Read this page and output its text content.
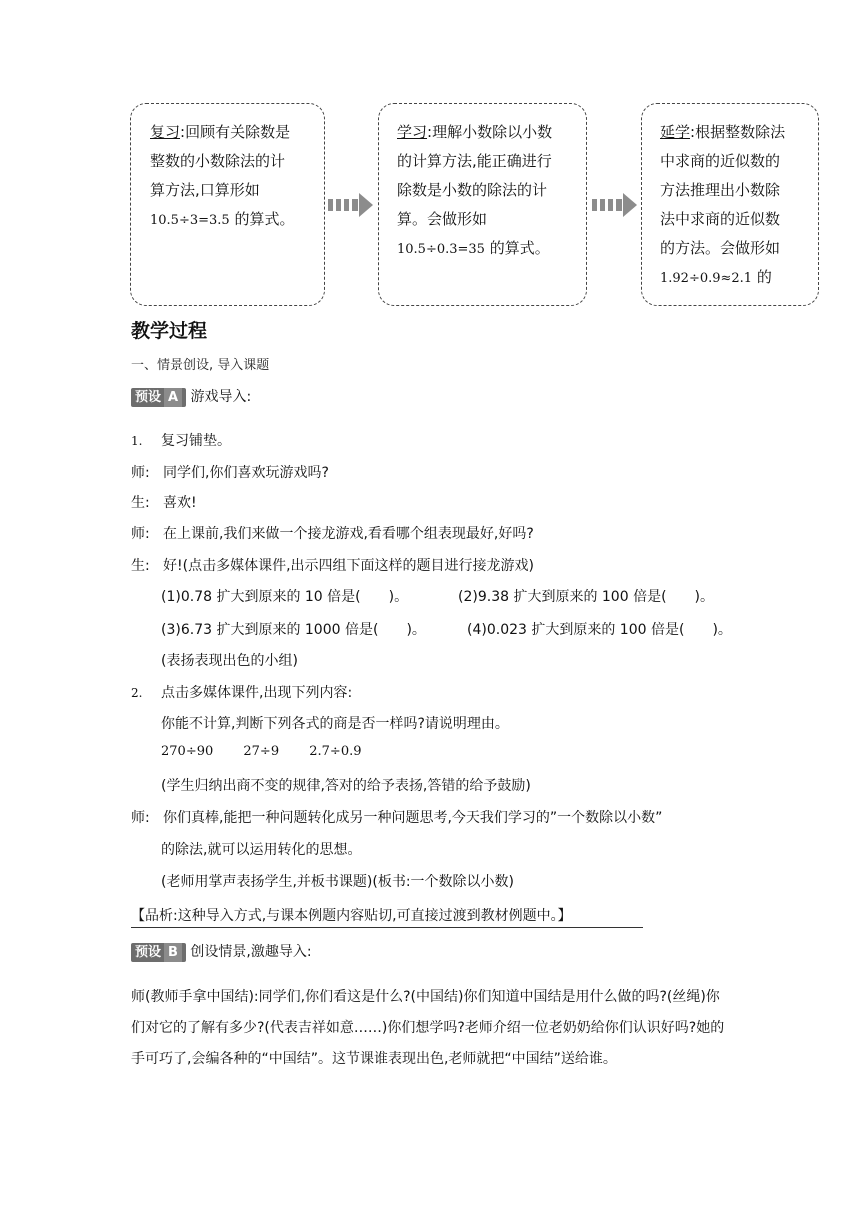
复习:回顾有关除数是

整数的小数除法的计

算方法,口算形如

10.5÷3=3.5 的算式。

学习:理解小数除以小数

的计算方法,能正确进行

除数是小数的除法的计

算。会做形如

10.5÷0.3=35 的算式。

延学:根据整数除法

中求商的近似数的

方法推理出小数除

法中求商的近似数

的方法。会做形如

1.92÷0.9≈2.1 的

教学过程
一、情景创设, 导入课题
预设 A 游戏导入:
1. 复习铺垫。
师: 同学们,你们喜欢玩游戏吗?
生: 喜欢!
师: 在上课前,我们来做一个接龙游戏,看看哪个组表现最好,好吗?
生: 好!(点击多媒体课件,出示四组下面这样的题目进行接龙游戏)
(1)0.78 扩大到原来的 10 倍是(　　)。	(2)9.38 扩大到原来的 100 倍是(　　)。
(3)6.73 扩大到原来的 1000 倍是(　　)。	(4)0.023 扩大到原来的 100 倍是(　　)。
(表扬表现出色的小组)
2. 点击多媒体课件,出现下列内容:
你能不计算,判断下列各式的商是否一样吗?请说明理由。
270÷90 27÷9 2.7÷0.9
(学生归纳出商不变的规律,答对的给予表扬,答错的给予鼓励)
师: 你们真棒,能把一种问题转化成另一种问题思考,今天我们学习的”一个数除以小数”
的除法,就可以运用转化的思想。
(老师用掌声表扬学生,并板书课题)(板书:一个数除以小数)
【品析:这种导入方式,与课本例题内容贴切,可直接过渡到教材例题中。】
预设 B 创设情景,激趣导入:
师(教师手拿中国结):同学们,你们看这是什么?(中国结)你们知道中国结是用什么做的吗?(丝绳)你们对它的了解有多少?(代表吉祥如意……)你们想学吗?老师介绍一位老奶奶给你们认识好吗?她的手可巧了,会编各种的“中国结”。这节课谁表现出色,老师就把“中国结”送给谁。
